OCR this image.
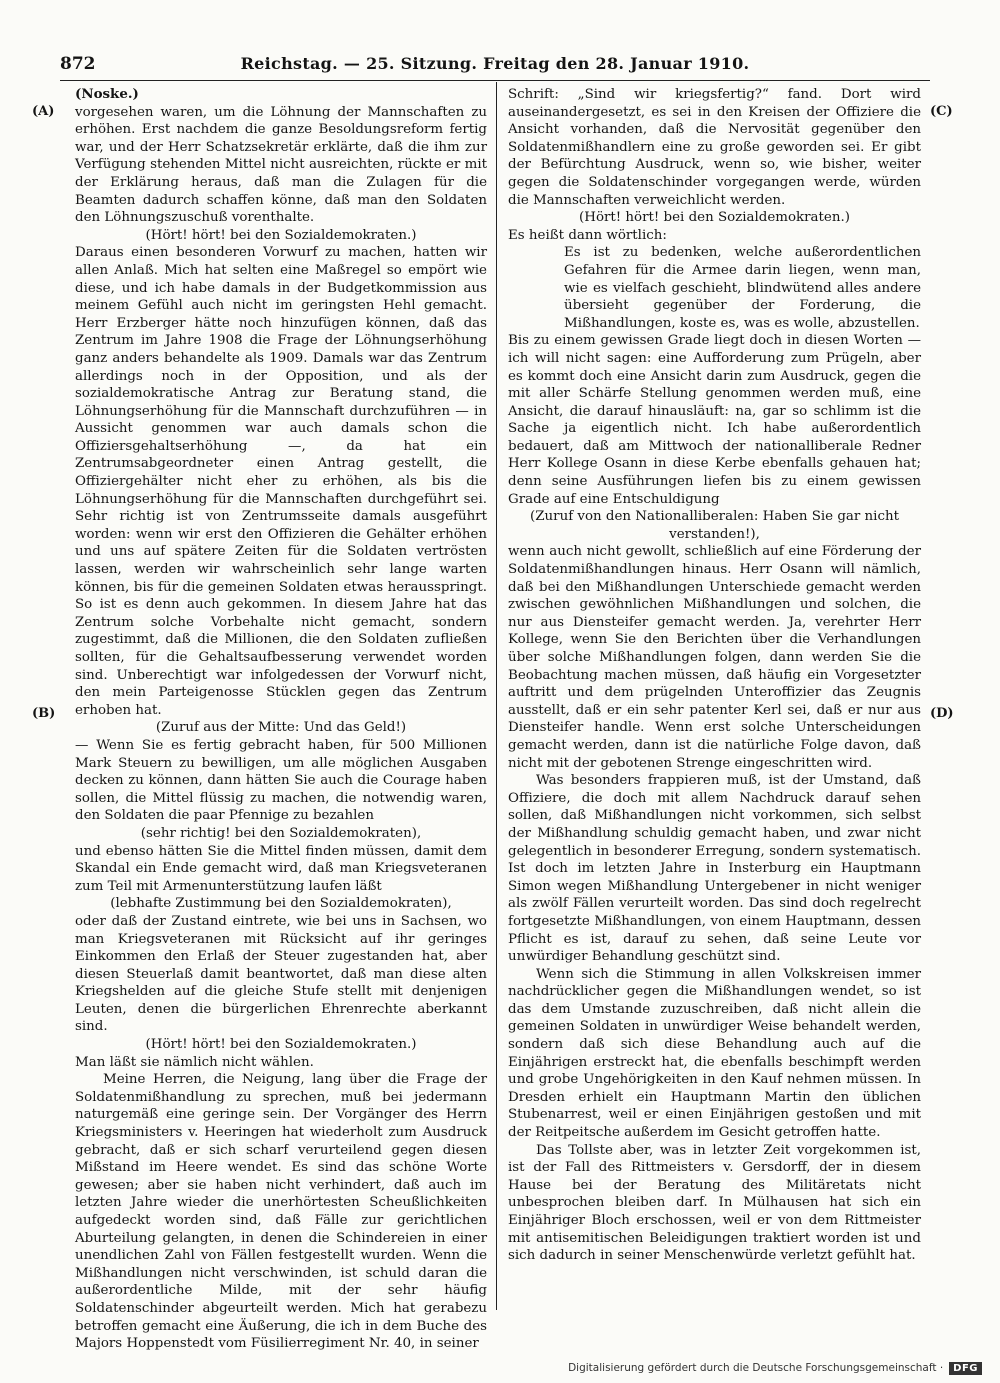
872	Reichstag. — 25. Sitzung. Freitag den 28. Januar 1910.
(A)
(B)
(C)
(D)

(Noske.)

vorgesehen waren, um die Löhnung der Mannschaften zu erhöhen. Erst nachdem die ganze Besoldungsreform fertig war, und der Herr Schatzsekretär erklärte, daß die ihm zur Verfügung stehenden Mittel nicht ausreichten, rückte er mit der Erklärung heraus, daß man die Zulagen für die Beamten dadurch schaffen könne, daß man den Soldaten den Löhnungszuschuß vorenthalte.

(Hört! hört! bei den Sozialdemokraten.)

Daraus einen besonderen Vorwurf zu machen, hatten wir allen Anlaß. Mich hat selten eine Maßregel so empört wie diese, und ich habe damals in der Budgetkommission aus meinem Gefühl auch nicht im geringsten Hehl gemacht. Herr Erzberger hätte noch hinzufügen können, daß das Zentrum im Jahre 1908 die Frage der Löhnungserhöhung ganz anders behandelte als 1909. Damals war das Zentrum allerdings noch in der Opposition, und als der sozialdemokratische Antrag zur Beratung stand, die Löhnungserhöhung für die Mannschaft durchzuführen — in Aussicht genommen war auch damals schon die Offiziersgehaltserhöhung —, da hat ein Zentrumsabgeordneter einen Antrag gestellt, die Offiziergehälter nicht eher zu erhöhen, als bis die Löhnungserhöhung für die Mannschaften durchgeführt sei. Sehr richtig ist von Zentrumsseite damals ausgeführt worden: wenn wir erst den Offizieren die Gehälter erhöhen und uns auf spätere Zeiten für die Soldaten vertrösten lassen, werden wir wahrscheinlich sehr lange warten können, bis für die gemeinen Soldaten etwas herausspringt. So ist es denn auch gekommen. In diesem Jahre hat das Zentrum solche Vorbehalte nicht gemacht, sondern zugestimmt, daß die Millionen, die den Soldaten zufließen sollten, für die Gehaltsaufbesserung verwendet worden sind. Unberechtigt war infolgedessen der Vorwurf nicht, den mein Parteigenosse Stücklen gegen das Zentrum erhoben hat.

(Zuruf aus der Mitte: Und das Geld!)

— Wenn Sie es fertig gebracht haben, für 500 Millionen Mark Steuern zu bewilligen, um alle möglichen Ausgaben decken zu können, dann hätten Sie auch die Courage haben sollen, die Mittel flüssig zu machen, die notwendig waren, den Soldaten die paar Pfennige zu bezahlen

(sehr richtig! bei den Sozialdemokraten),

und ebenso hätten Sie die Mittel finden müssen, damit dem Skandal ein Ende gemacht wird, daß man Kriegsveteranen zum Teil mit Armenunterstützung laufen läßt

(lebhafte Zustimmung bei den Sozialdemokraten),

oder daß der Zustand eintrete, wie bei uns in Sachsen, wo man Kriegsveteranen mit Rücksicht auf ihr geringes Einkommen den Erlaß der Steuer zugestanden hat, aber diesen Steuerlaß damit beantwortet, daß man diese alten Kriegshelden auf die gleiche Stufe stellt mit denjenigen Leuten, denen die bürgerlichen Ehrenrechte aberkannt sind.

(Hört! hört! bei den Sozialdemokraten.)

Man läßt sie nämlich nicht wählen.

Meine Herren, die Neigung, lang über die Frage der Soldatenmißhandlung zu sprechen, muß bei jedermann naturgemäß eine geringe sein. Der Vorgänger des Herrn Kriegsministers v. Heeringen hat wiederholt zum Ausdruck gebracht, daß er sich scharf verurteilend gegen diesen Mißstand im Heere wendet. Es sind das schöne Worte gewesen; aber sie haben nicht verhindert, daß auch im letzten Jahre wieder die unerhörtesten Scheußlichkeiten aufgedeckt worden sind, daß Fälle zur gerichtlichen Aburteilung gelangten, in denen die Schindereien in einer unendlichen Zahl von Fällen festgestellt wurden. Wenn die Mißhandlungen nicht verschwinden, ist schuld daran die außerordentliche Milde, mit der sehr häufig Soldatenschinder abgeurteilt werden. Mich hat gerabezu betroffen gemacht eine Äußerung, die ich in dem Buche des Majors Hoppenstedt vom Füsilierregiment Nr. 40, in seiner

Schrift: „Sind wir kriegsfertig?“ fand. Dort wird auseinandergesetzt, es sei in den Kreisen der Offiziere die Ansicht vorhanden, daß die Nervosität gegenüber den Soldatenmißhandlern eine zu große geworden sei. Er gibt der Befürchtung Ausdruck, wenn so, wie bisher, weiter gegen die Soldatenschinder vorgegangen werde, würden die Mannschaften verweichlicht werden.

(Hört! hört! bei den Sozialdemokraten.)

Es heißt dann wörtlich:

Es ist zu bedenken, welche außerordentlichen Gefahren für die Armee darin liegen, wenn man, wie es vielfach geschieht, blindwütend alles andere übersieht gegenüber der Forderung, die Mißhandlungen, koste es, was es wolle, abzustellen.

Bis zu einem gewissen Grade liegt doch in diesen Worten — ich will nicht sagen: eine Aufforderung zum Prügeln, aber es kommt doch eine Ansicht darin zum Ausdruck, gegen die mit aller Schärfe Stellung genommen werden muß, eine Ansicht, die darauf hinausläuft: na, gar so schlimm ist die Sache ja eigentlich nicht. Ich habe außerordentlich bedauert, daß am Mittwoch der nationalliberale Redner Herr Kollege Osann in diese Kerbe ebenfalls gehauen hat; denn seine Ausführungen liefen bis zu einem gewissen Grade auf eine Entschuldigung

(Zuruf von den Nationalliberalen: Haben Sie gar nicht verstanden!),

wenn auch nicht gewollt, schließlich auf eine Förderung der Soldatenmißhandlungen hinaus. Herr Osann will nämlich, daß bei den Mißhandlungen Unterschiede gemacht werden zwischen gewöhnlichen Mißhandlungen und solchen, die nur aus Diensteifer gemacht werden. Ja, verehrter Herr Kollege, wenn Sie den Berichten über die Verhandlungen über solche Mißhandlungen folgen, dann werden Sie die Beobachtung machen müssen, daß häufig ein Vorgesetzter auftritt und dem prügelnden Unteroffizier das Zeugnis ausstellt, daß er ein sehr patenter Kerl sei, daß er nur aus Diensteifer handle. Wenn erst solche Unterscheidungen gemacht werden, dann ist die natürliche Folge davon, daß nicht mit der gebotenen Strenge eingeschritten wird.

Was besonders frappieren muß, ist der Umstand, daß Offiziere, die doch mit allem Nachdruck darauf sehen sollen, daß Mißhandlungen nicht vorkommen, sich selbst der Mißhandlung schuldig gemacht haben, und zwar nicht gelegentlich in besonderer Erregung, sondern systematisch. Ist doch im letzten Jahre in Insterburg ein Hauptmann Simon wegen Mißhandlung Untergebener in nicht weniger als zwölf Fällen verurteilt worden. Das sind doch regelrecht fortgesetzte Mißhandlungen, von einem Hauptmann, dessen Pflicht es ist, darauf zu sehen, daß seine Leute vor unwürdiger Behandlung geschützt sind.

Wenn sich die Stimmung in allen Volkskreisen immer nachdrücklicher gegen die Mißhandlungen wendet, so ist das dem Umstande zuzuschreiben, daß nicht allein die gemeinen Soldaten in unwürdiger Weise behandelt werden, sondern daß sich diese Behandlung auch auf die Einjährigen erstreckt hat, die ebenfalls beschimpft werden und grobe Ungehörigkeiten in den Kauf nehmen müssen. In Dresden erhielt ein Hauptmann Martin den üblichen Stubenarrest, weil er einen Einjährigen gestoßen und mit der Reitpeitsche außerdem im Gesicht getroffen hatte.

Das Tollste aber, was in letzter Zeit vorgekommen ist, ist der Fall des Rittmeisters v. Gersdorff, der in diesem Hause bei der Beratung des Militäretats nicht unbesprochen bleiben darf. In Mülhausen hat sich ein Einjähriger Bloch erschossen, weil er von dem Rittmeister mit antisemitischen Beleidigungen traktiert worden ist und sich dadurch in seiner Menschenwürde verletzt gefühlt hat.

Digitalisierung gefördert durch die Deutsche Forschungsgemeinschaft ·	DFG
